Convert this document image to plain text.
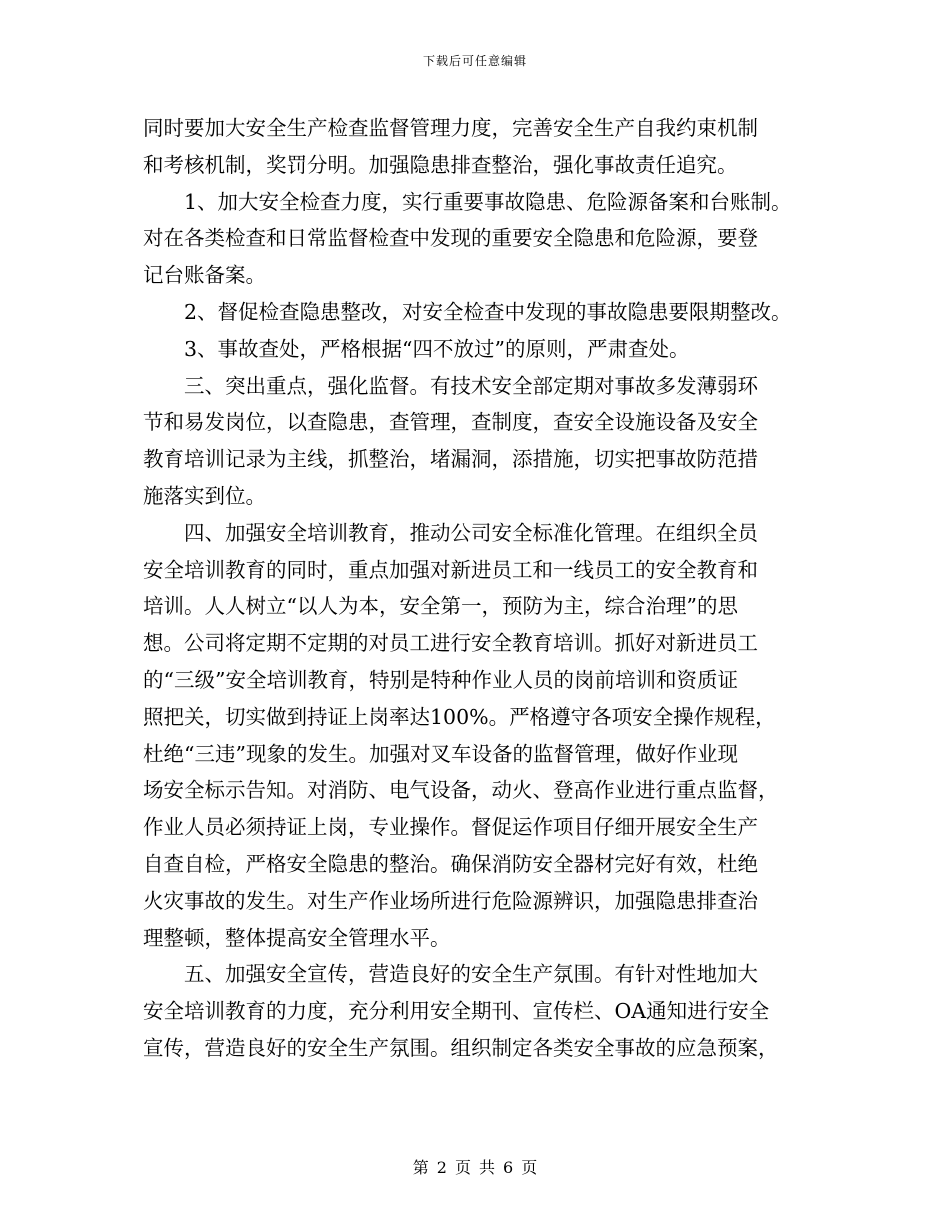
下载后可任意编辑
同时要加大安全生产检查监督管理力度，完善安全生产自我约束机制
和考核机制，奖罚分明。加强隐患排查整治，强化事故责任追究。
　　1、加大安全检查力度，实行重要事故隐患、危险源备案和台账制。
对在各类检查和日常监督检查中发现的重要安全隐患和危险源，要登
记台账备案。
　　2、督促检查隐患整改，对安全检查中发现的事故隐患要限期整改。
　　3、事故查处，严格根据“四不放过”的原则，严肃查处。
　　三、突出重点，强化监督。有技术安全部定期对事故多发薄弱环
节和易发岗位，以查隐患，查管理，查制度，查安全设施设备及安全
教育培训记录为主线，抓整治，堵漏洞，添措施，切实把事故防范措
施落实到位。
　　四、加强安全培训教育，推动公司安全标准化管理。在组织全员
安全培训教育的同时，重点加强对新进员工和一线员工的安全教育和
培训。人人树立“以人为本，安全第一，预防为主，综合治理”的思
想。公司将定期不定期的对员工进行安全教育培训。抓好对新进员工
的“三级”安全培训教育，特别是特种作业人员的岗前培训和资质证
照把关，切实做到持证上岗率达100%。严格遵守各项安全操作规程，
杜绝“三违”现象的发生。加强对叉车设备的监督管理，做好作业现
场安全标示告知。对消防、电气设备，动火、登高作业进行重点监督，
作业人员必须持证上岗，专业操作。督促运作项目仔细开展安全生产
自查自检，严格安全隐患的整治。确保消防安全器材完好有效，杜绝
火灾事故的发生。对生产作业场所进行危险源辨识，加强隐患排查治
理整顿，整体提高安全管理水平。
　　五、加强安全宣传，营造良好的安全生产氛围。有针对性地加大
安全培训教育的力度，充分利用安全期刊、宣传栏、OA通知进行安全
宣传，营造良好的安全生产氛围。组织制定各类安全事故的应急预案，
第 2 页 共 6 页
